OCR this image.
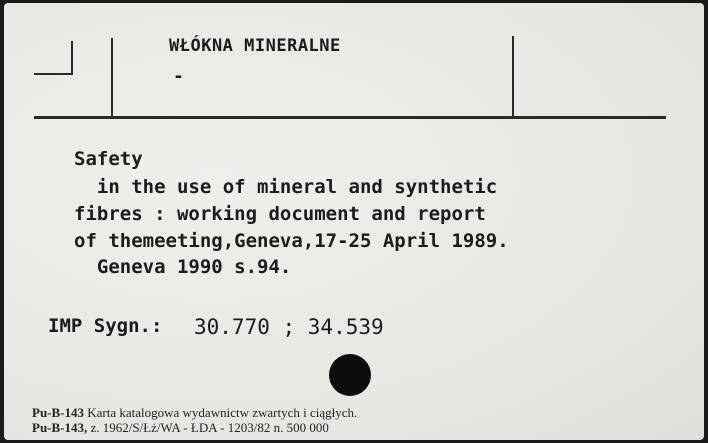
WŁÓKNA MINERALNE
-
Safety
in the use of mineral and synthetic
fibres : working document and report
of themeeting,Geneva,17-25 April 1989.
Geneva 1990 s.94.
IMP Sygn.: 30.770 ; 34.539
Pu-B-143 Karta katalogowa wydawnictw zwartych i ciągłych.
Pu-B-143, z. 1962/S/Łż/WA - ŁDA - 1203/82 n. 500 000
